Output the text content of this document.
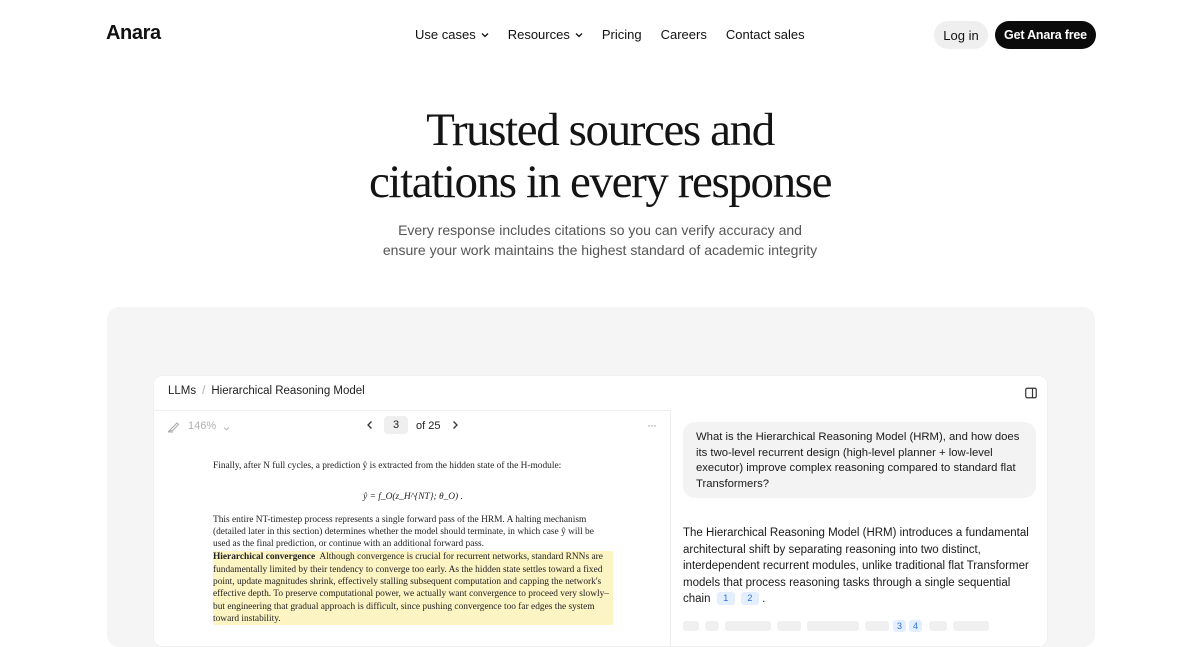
Anara	Use cases Resources Pricing Careers Contact sales	Log in	Get Anara free
Trusted sources and
citations in every response
Every response includes citations so you can verify accuracy and
ensure your work maintains the highest standard of academic integrity
LLMs / Hierarchical Reasoning Model
146%	3	of 25	···

Finally, after N full cycles, a prediction ŷ is extracted from the hidden state of the H-module:

ŷ = f_O(z_H^{NT}; θ_O) .

This entire NT-timestep process represents a single forward pass of the HRM. A halting mechanism (detailed later in this section) determines whether the model should terminate, in which case ŷ will be used as the final prediction, or continue with an additional forward pass.

Hierarchical convergence Although convergence is crucial for recurrent networks, standard RNNs are fundamentally limited by their tendency to converge too early. As the hidden state settles toward a fixed point, update magnitudes shrink, effectively stalling subsequent computation and capping the network's effective depth. To preserve computational power, we actually want convergence to proceed very slowly–but engineering that gradual approach is difficult, since pushing convergence too far edges the system toward instability.

What is the Hierarchical Reasoning Model (HRM), and how does its two-level recurrent design (high-level planner + low-level executor) improve complex reasoning compared to standard flat Transformers?
The Hierarchical Reasoning Model (HRM) introduces a fundamental architectural shift by separating reasoning into two distinct, interdependent recurrent modules, unlike traditional flat Transformer models that process reasoning tasks through a single sequential chain 1 2 .
3	4
